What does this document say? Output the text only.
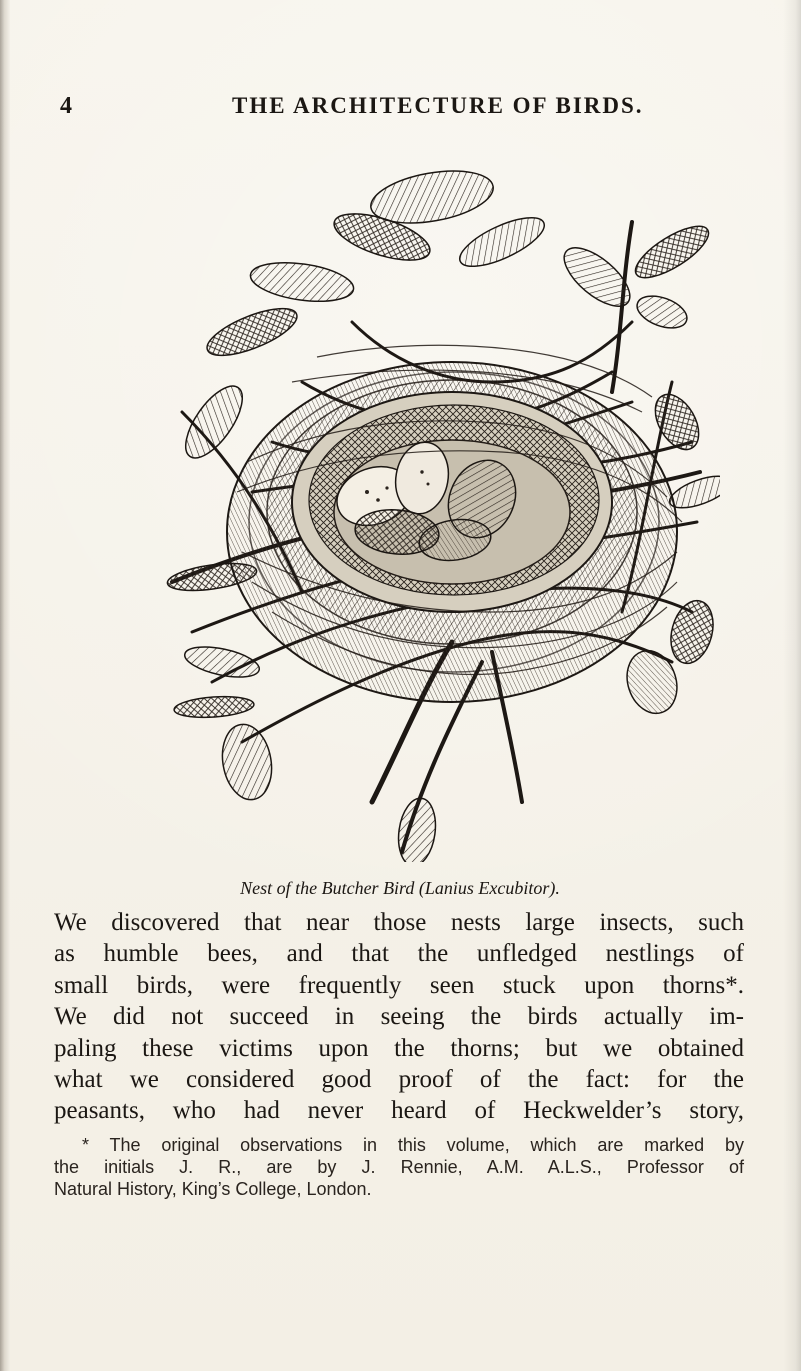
4	THE ARCHITECTURE OF BIRDS.
Nest of the Butcher Bird (Lanius Excubitor).
We discovered that near those nests large insects, such
as humble bees, and that the unfledged nestlings of
small birds, were frequently seen stuck upon thorns*.
We did not succeed in seeing the birds actually im-
paling these victims upon the thorns; but we obtained
what we considered good proof of the fact: for the
peasants, who had never heard of Heckwelder’s story,
* The original observations in this volume, which are marked by
the initials J. R., are by J. Rennie, A.M. A.L.S., Professor of
Natural History, King’s College, London.
